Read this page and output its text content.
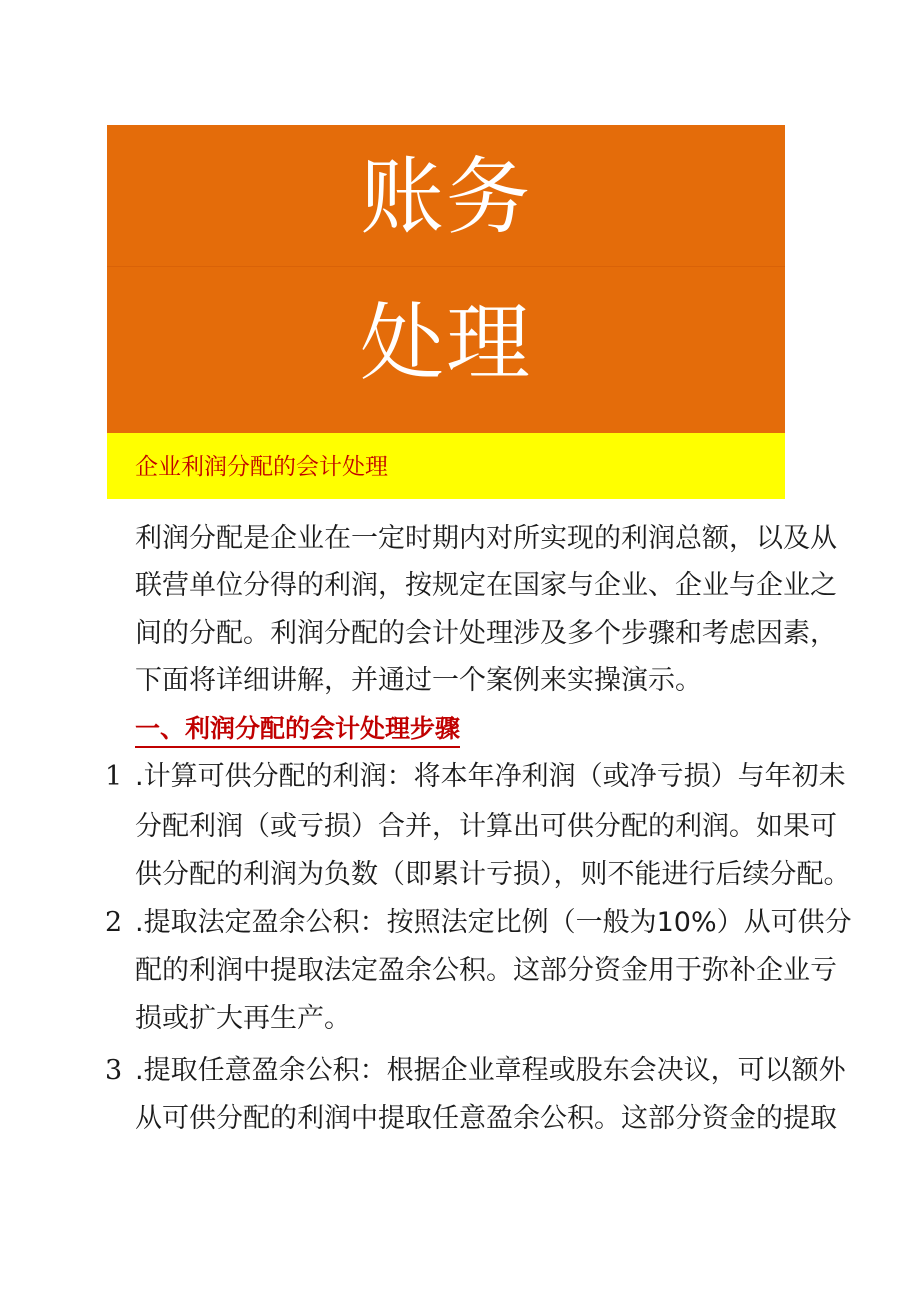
账务
处理
企业利润分配的会计处理
利润分配是企业在一定时期内对所实现的利润总额，以及从
联营单位分得的利润，按规定在国家与企业、企业与企业之
间的分配。利润分配的会计处理涉及多个步骤和考虑因素，
下面将详细讲解，并通过一个案例来实操演示。
一、利润分配的会计处理步骤
1 .计算可供分配的利润：将本年净利润（或净亏损）与年初未
分配利润（或亏损）合并，计算出可供分配的利润。如果可
供分配的利润为负数（即累计亏损），则不能进行后续分配。
2 .提取法定盈余公积：按照法定比例（一般为10%）从可供分
配的利润中提取法定盈余公积。这部分资金用于弥补企业亏
损或扩大再生产。
3 .提取任意盈余公积：根据企业章程或股东会决议，可以额外
从可供分配的利润中提取任意盈余公积。这部分资金的提取
